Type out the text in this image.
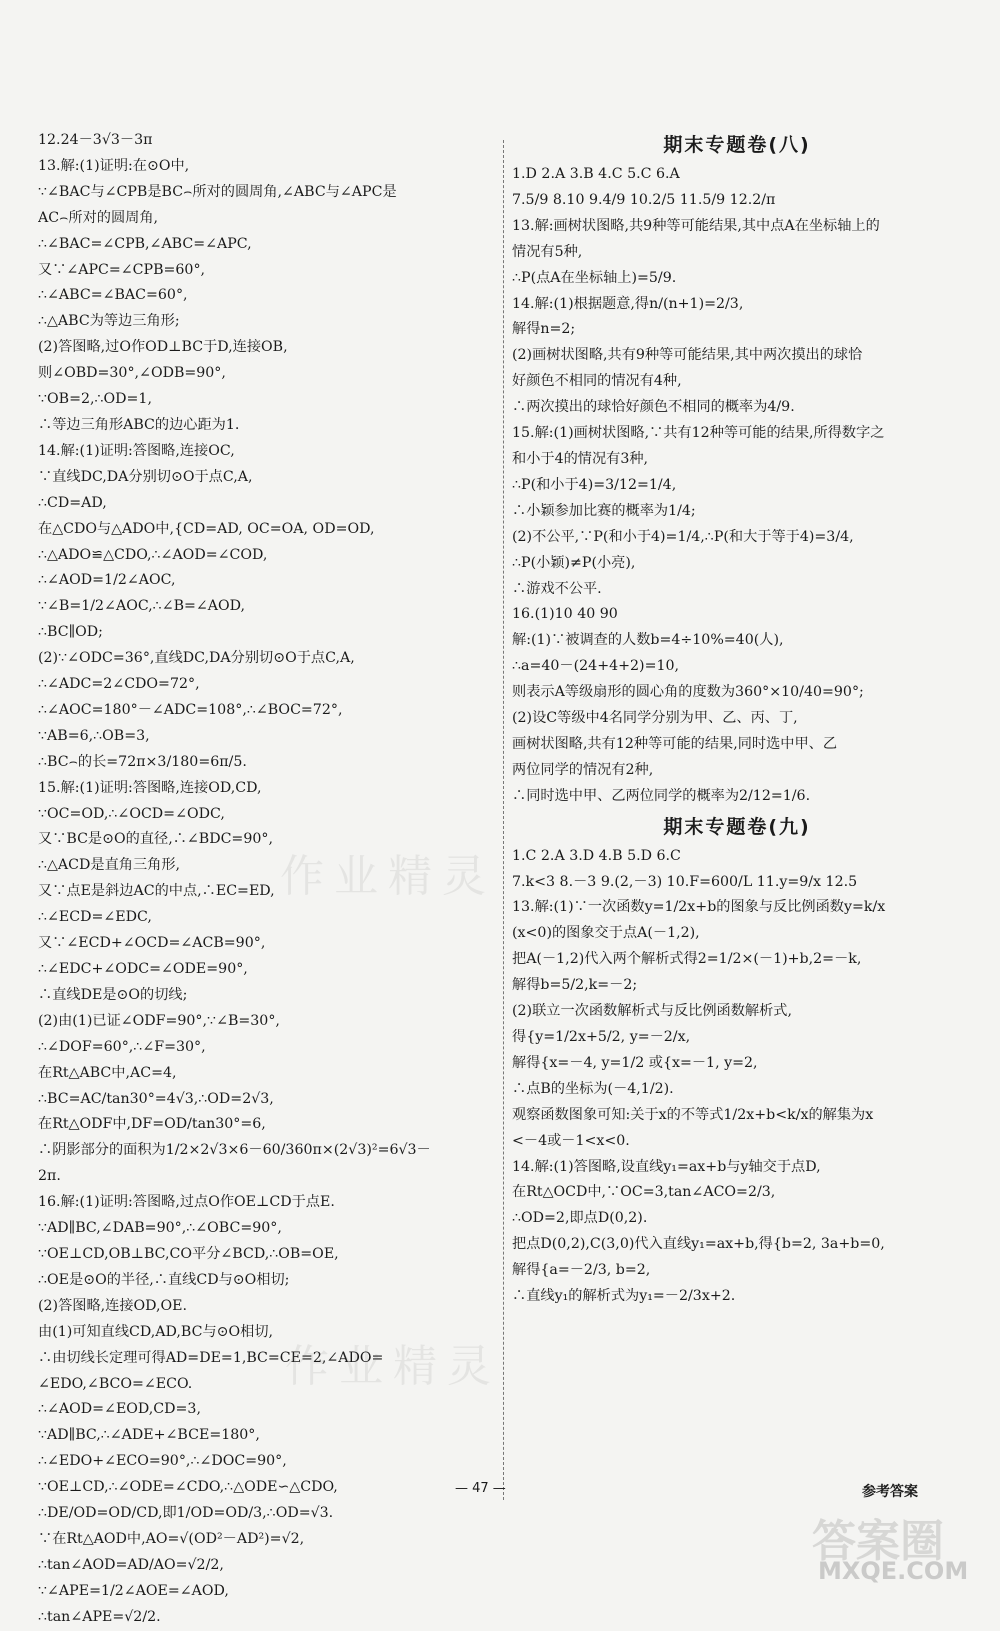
12.24－3√3－3π
13.解:(1)证明:在⊙O中,
∵∠BAC与∠CPB是BC⌢所对的圆周角,∠ABC与∠APC是
AC⌢所对的圆周角,
∴∠BAC=∠CPB,∠ABC=∠APC,
又∵∠APC=∠CPB=60°,
∴∠ABC=∠BAC=60°,
∴△ABC为等边三角形;
(2)答图略,过O作OD⊥BC于D,连接OB,
则∠OBD=30°,∠ODB=90°,
∵OB=2,∴OD=1,
∴等边三角形ABC的边心距为1.
14.解:(1)证明:答图略,连接OC,
∵直线DC,DA分别切⊙O于点C,A,
∴CD=AD,
在△CDO与△ADO中,{CD=AD, OC=OA, OD=OD,
∴△ADO≌△CDO,∴∠AOD=∠COD,
∴∠AOD=1/2∠AOC,
∵∠B=1/2∠AOC,∴∠B=∠AOD,
∴BC∥OD;
(2)∵∠ODC=36°,直线DC,DA分别切⊙O于点C,A,
∴∠ADC=2∠CDO=72°,
∴∠AOC=180°－∠ADC=108°,∴∠BOC=72°,
∵AB=6,∴OB=3,
∴BC⌢的长=72π×3/180=6π/5.
15.解:(1)证明:答图略,连接OD,CD,
∵OC=OD,∴∠OCD=∠ODC,
又∵BC是⊙O的直径,∴∠BDC=90°,
∴△ACD是直角三角形,
又∵点E是斜边AC的中点,∴EC=ED,
∴∠ECD=∠EDC,
又∵∠ECD+∠OCD=∠ACB=90°,
∴∠EDC+∠ODC=∠ODE=90°,
∴直线DE是⊙O的切线;
(2)由(1)已证∠ODF=90°,∵∠B=30°,
∴∠DOF=60°,∴∠F=30°,
在Rt△ABC中,AC=4,
∴BC=AC/tan30°=4√3,∴OD=2√3,
在Rt△ODF中,DF=OD/tan30°=6,
∴阴影部分的面积为1/2×2√3×6－60/360π×(2√3)²=6√3－
2π.
16.解:(1)证明:答图略,过点O作OE⊥CD于点E.
∵AD∥BC,∠DAB=90°,∴∠OBC=90°,
∵OE⊥CD,OB⊥BC,CO平分∠BCD,∴OB=OE,
∴OE是⊙O的半径,∴直线CD与⊙O相切;
(2)答图略,连接OD,OE.
由(1)可知直线CD,AD,BC与⊙O相切,
∴由切线长定理可得AD=DE=1,BC=CE=2,∠ADO=
∠EDO,∠BCO=∠ECO.
∴∠AOD=∠EOD,CD=3,
∵AD∥BC,∴∠ADE+∠BCE=180°,
∴∠EDO+∠ECO=90°,∴∠DOC=90°,
∵OE⊥CD,∴∠ODE=∠CDO,∴△ODE∽△CDO,
∴DE/OD=OD/CD,即1/OD=OD/3,∴OD=√3.
∵在Rt△AOD中,AO=√(OD²－AD²)=√2,
∴tan∠AOD=AD/AO=√2/2,
∵∠APE=1/2∠AOE=∠AOD,
∴tan∠APE=√2/2.
期末专题卷(八)
1.D 2.A 3.B 4.C 5.C 6.A
7.5/9 8.10 9.4/9 10.2/5 11.5/9 12.2/π
13.解:画树状图略,共9种等可能结果,其中点A在坐标轴上的
情况有5种,
∴P(点A在坐标轴上)=5/9.
14.解:(1)根据题意,得n/(n+1)=2/3,
解得n=2;
(2)画树状图略,共有9种等可能结果,其中两次摸出的球恰
好颜色不相同的情况有4种,
∴两次摸出的球恰好颜色不相同的概率为4/9.
15.解:(1)画树状图略,∵共有12种等可能的结果,所得数字之
和小于4的情况有3种,
∴P(和小于4)=3/12=1/4,
∴小颖参加比赛的概率为1/4;
(2)不公平,∵P(和小于4)=1/4,∴P(和大于等于4)=3/4,
∴P(小颖)≠P(小亮),
∴游戏不公平.
16.(1)10 40 90
解:(1)∵被调查的人数b=4÷10%=40(人),
∴a=40－(24+4+2)=10,
则表示A等级扇形的圆心角的度数为360°×10/40=90°;
(2)设C等级中4名同学分别为甲、乙、丙、丁,
画树状图略,共有12种等可能的结果,同时选中甲、乙
两位同学的情况有2种,
∴同时选中甲、乙两位同学的概率为2/12=1/6.
期末专题卷(九)
1.C 2.A 3.D 4.B 5.D 6.C
7.k<3 8.－3 9.(2,－3) 10.F=600/L 11.y=9/x 12.5
13.解:(1)∵一次函数y=1/2x+b的图象与反比例函数y=k/x
(x<0)的图象交于点A(－1,2),
把A(－1,2)代入两个解析式得2=1/2×(－1)+b,2=－k,
解得b=5/2,k=－2;
(2)联立一次函数解析式与反比例函数解析式,
得{y=1/2x+5/2, y=－2/x,
解得{x=－4, y=1/2 或{x=－1, y=2,
∴点B的坐标为(－4,1/2).
观察函数图象可知:关于x的不等式1/2x+b<k/x的解集为x
<－4或－1<x<0.
14.解:(1)答图略,设直线y₁=ax+b与y轴交于点D,
在Rt△OCD中,∵OC=3,tan∠ACO=2/3,
∴OD=2,即点D(0,2).
把点D(0,2),C(3,0)代入直线y₁=ax+b,得{b=2, 3a+b=0,
解得{a=－2/3, b=2,
∴直线y₁的解析式为y₁=－2/3x+2.
— 47 —	参考答案
作业精灵
作业精灵
答案圈
MXQE.COM
